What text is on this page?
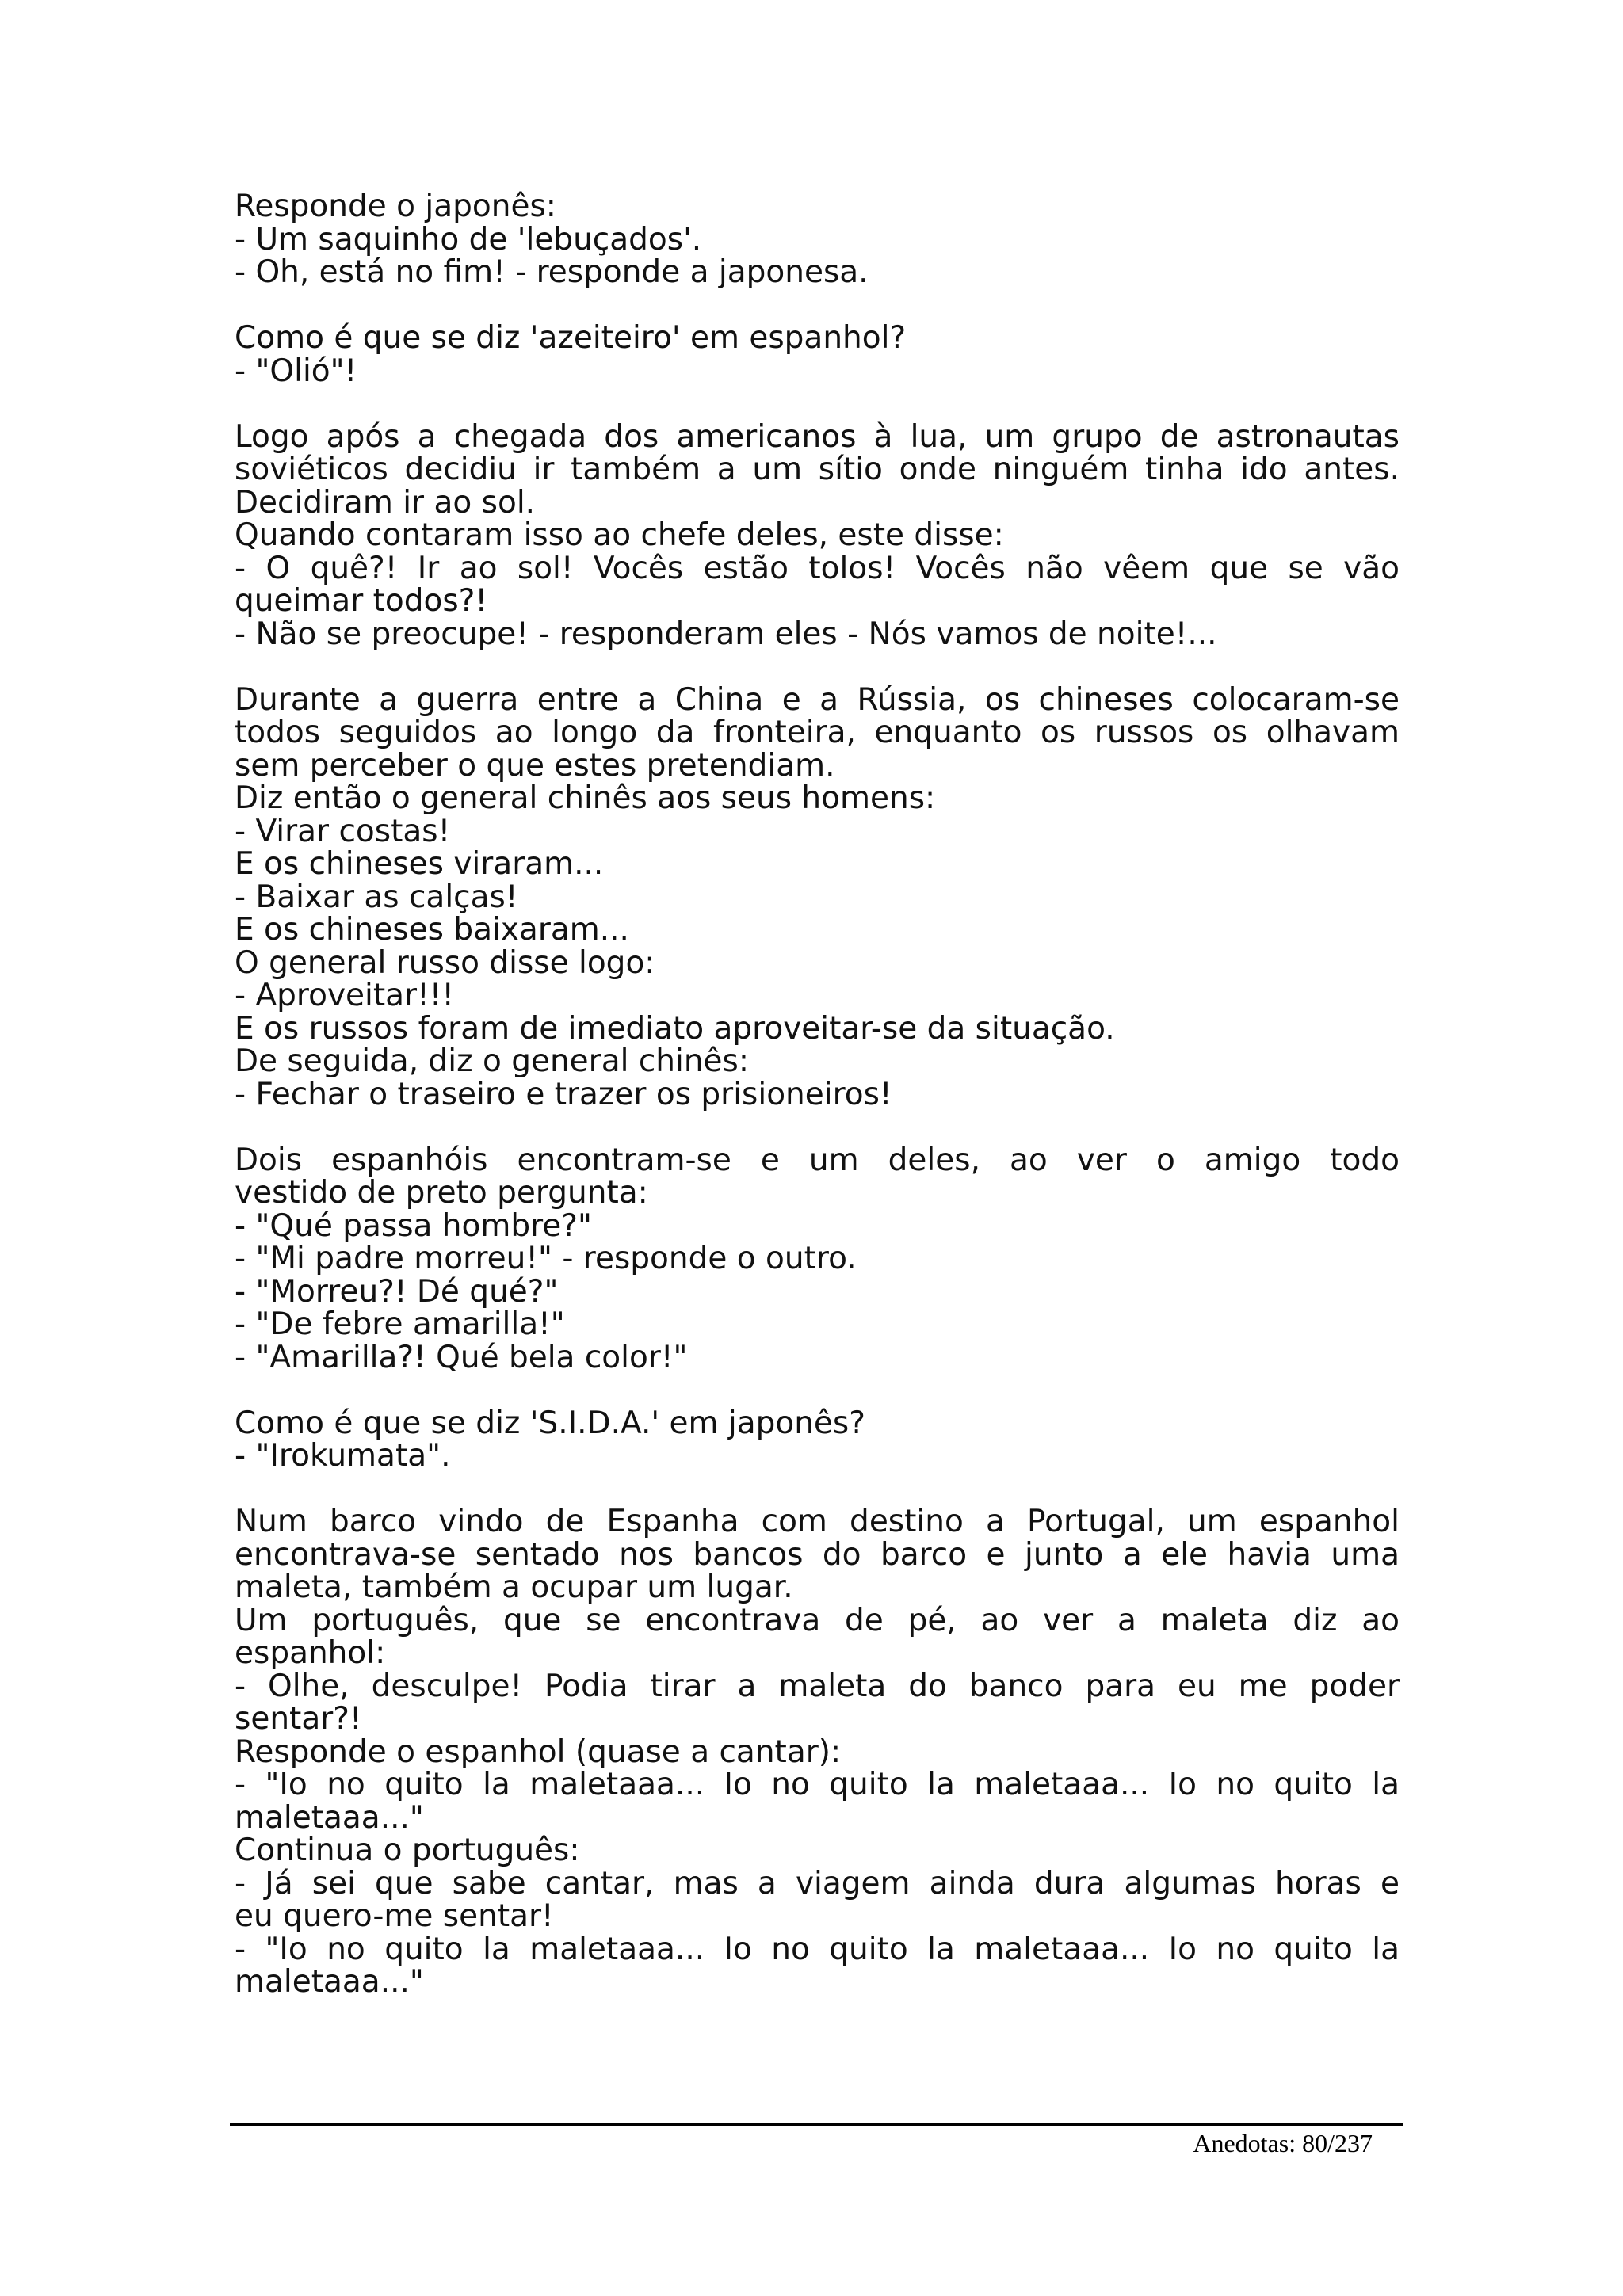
Responde o japonês:
- Um saquinho de 'lebuçados'.
- Oh, está no fim! - responde a japonesa.
Como é que se diz 'azeiteiro' em espanhol?
- "Olió"!
Logo após a chegada dos americanos à lua, um grupo de astronautas
soviéticos decidiu ir também a um sítio onde ninguém tinha ido antes.
Decidiram ir ao sol.
Quando contaram isso ao chefe deles, este disse:
- O quê?! Ir ao sol! Vocês estão tolos! Vocês não vêem que se vão
queimar todos?!
- Não se preocupe! - responderam eles - Nós vamos de noite!...
Durante a guerra entre a China e a Rússia, os chineses colocaram-se
todos seguidos ao longo da fronteira, enquanto os russos os olhavam
sem perceber o que estes pretendiam.
Diz então o general chinês aos seus homens:
- Virar costas!
E os chineses viraram...
- Baixar as calças!
E os chineses baixaram...
O general russo disse logo:
- Aproveitar!!!
E os russos foram de imediato aproveitar-se da situação.
De seguida, diz o general chinês:
- Fechar o traseiro e trazer os prisioneiros!
Dois espanhóis encontram-se e um deles, ao ver o amigo todo
vestido de preto pergunta:
- "Qué passa hombre?"
- "Mi padre morreu!" - responde o outro.
- "Morreu?! Dé qué?"
- "De febre amarilla!"
- "Amarilla?! Qué bela color!"
Como é que se diz 'S.I.D.A.' em japonês?
- "Irokumata".
Num barco vindo de Espanha com destino a Portugal, um espanhol
encontrava-se sentado nos bancos do barco e junto a ele havia uma
maleta, também a ocupar um lugar.
Um português, que se encontrava de pé, ao ver a maleta diz ao
espanhol:
- Olhe, desculpe! Podia tirar a maleta do banco para eu me poder
sentar?!
Responde o espanhol (quase a cantar):
- "Io no quito la maletaaa... Io no quito la maletaaa... Io no quito la
maletaaa..."
Continua o português:
- Já sei que sabe cantar, mas a viagem ainda dura algumas horas e
eu quero-me sentar!
- "Io no quito la maletaaa... Io no quito la maletaaa... Io no quito la
maletaaa..."
Anedotas: 80/237
